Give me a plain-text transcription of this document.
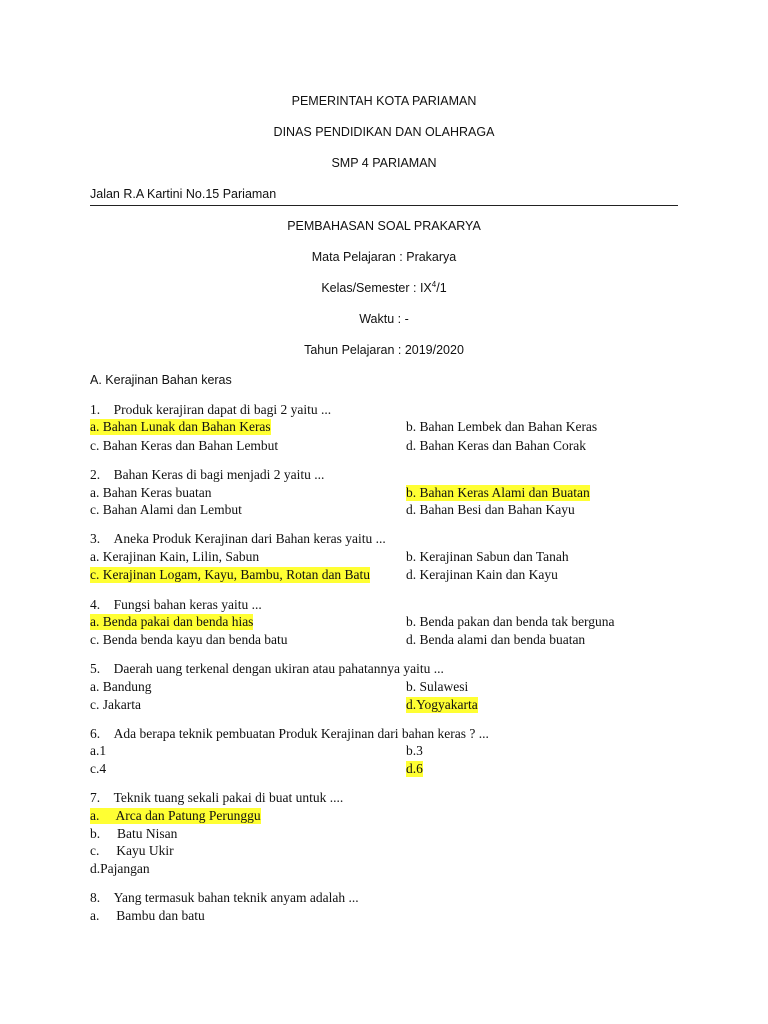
PEMERINTAH KOTA PARIAMAN
DINAS PENDIDIKAN DAN OLAHRAGA
SMP 4 PARIAMAN
Jalan R.A Kartini No.15 Pariaman
PEMBAHASAN SOAL PRAKARYA
Mata Pelajaran : Prakarya
Kelas/Semester : $IX^4/1$
Waktu : -
Tahun Pelajaran : 2019/2020
A. Kerajinan Bahan keras
1. Produk kerajiran dapat di bagi 2 yaitu ...
a. Bahan Lunak dan Bahan Keras	b. Bahan Lembek dan Bahan Keras
c. Bahan Keras dan Bahan Lembut	d. Bahan Keras dan Bahan Corak
2. Bahan Keras di bagi menjadi 2 yaitu ...
a. Bahan Keras buatan	b. Bahan Keras Alami dan Buatan
c. Bahan Alami dan Lembut	d. Bahan Besi dan Bahan Kayu
3. Aneka Produk Kerajinan dari Bahan keras yaitu ...
a. Kerajinan Kain, Lilin, Sabun	b. Kerajinan Sabun dan Tanah
c. Kerajinan Logam, Kayu, Bambu, Rotan dan Batu	d. Kerajinan Kain dan Kayu
4. Fungsi bahan keras yaitu ...
a. Benda pakai dan benda hias	b. Benda pakan dan benda tak berguna
c. Benda benda kayu dan benda batu	d. Benda alami dan benda buatan
5. Daerah uang terkenal dengan ukiran atau pahatannya yaitu ...
a. Bandung	b. Sulawesi
c. Jakarta	d.Yogyakarta
6. Ada berapa teknik pembuatan Produk Kerajinan dari bahan keras ? ...
a.1	b.3
c.4	d.6
7. Teknik tuang sekali pakai di buat untuk ....
a.     Arca dan Patung Perunggu
b.     Batu Nisan
c.     Kayu Ukir
d.Pajangan
8. Yang termasuk bahan teknik anyam adalah ...
a.     Bambu dan batu
